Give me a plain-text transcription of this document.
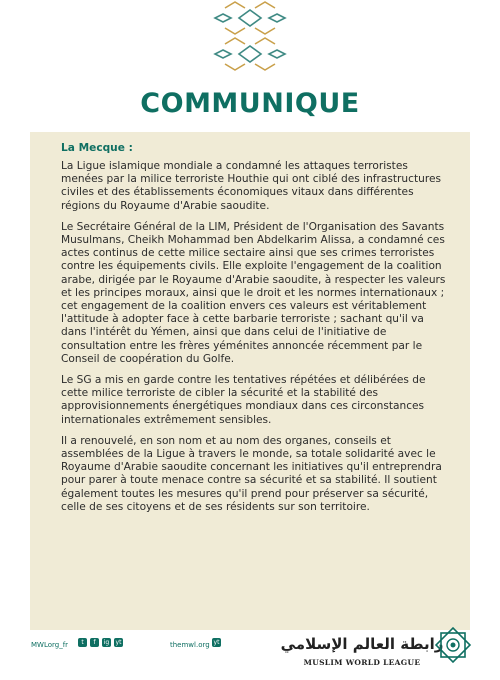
COMMUNIQUE
La Mecque :

La Ligue islamique mondiale a condamné les attaques terroristes menées par la milice terroriste Houthie qui ont ciblé des infrastructures civiles et des établissements économiques vitaux dans différentes régions du Royaume d'Arabie saoudite.

Le Secrétaire Général de la LIM, Président de l'Organisation des Savants Musulmans, Cheikh Mohammad ben Abdelkarim Alissa, a condamné ces actes continus de cette milice sectaire ainsi que ses crimes terroristes contre les équipements civils. Elle exploite l'engagement de la coalition arabe, dirigée par le Royaume d'Arabie saoudite, à respecter les valeurs et les principes moraux, ainsi que le droit et les normes internationaux ; cet engagement de la coalition envers ces valeurs est véritablement l'attitude à adopter face à cette barbarie terroriste ; sachant qu'il va dans l'intérêt du Yémen, ainsi que dans celui de l'initiative de consultation entre les frères yéménites annoncée récemment par le Conseil de coopération du Golfe.

Le SG a mis en garde contre les tentatives répétées et délibérées de cette milice terroriste de cibler la sécurité et la stabilité des approvisionnements énergétiques mondiaux dans ces circonstances internationales extrêmement sensibles.

Il a renouvelé, en son nom et au nom des organes, conseils et assemblées de la Ligue à travers le monde, sa totale solidarité avec le Royaume d'Arabie saoudite concernant les initiatives qu'il entreprendra pour parer à toute menace contre sa sécurité et sa stabilité. Il soutient également toutes les mesures qu'il prend pour préserver sa sécurité, celle de ses citoyens et de ses résidents sur son territoire.

MWLorg_fr	t	f	ig yt	themwl.org yt	رابطة العالم الإسلامي
MUSLIM WORLD LEAGUE
